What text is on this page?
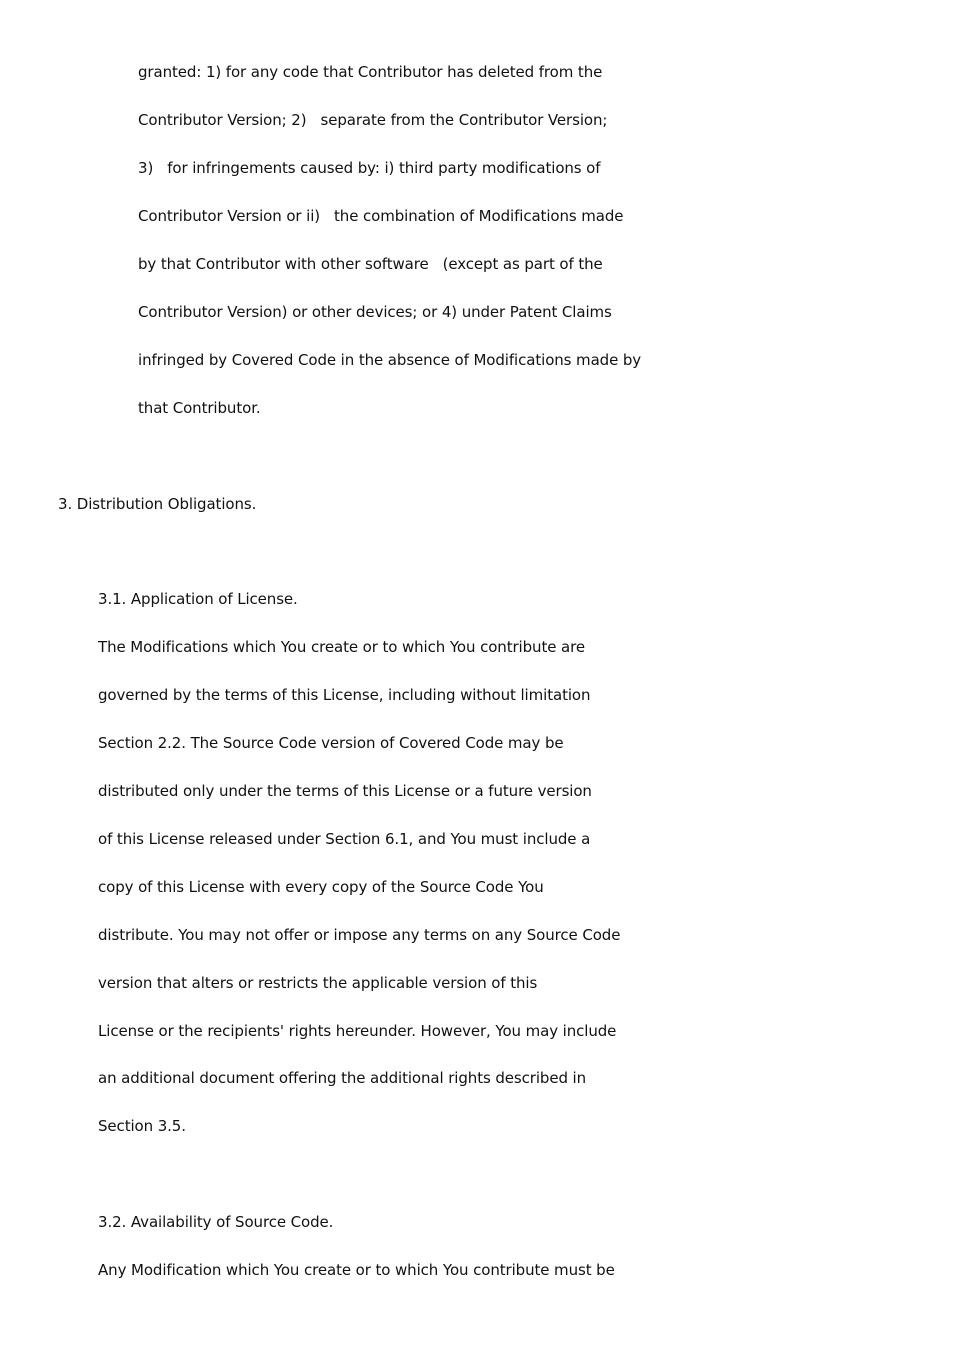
granted: 1) for any code that Contributor has deleted from the
Contributor Version; 2)   separate from the Contributor Version;
3)   for infringements caused by: i) third party modifications of
Contributor Version or ii)   the combination of Modifications made
by that Contributor with other software   (except as part of the
Contributor Version) or other devices; or 4) under Patent Claims
infringed by Covered Code in the absence of Modifications made by
that Contributor.
3. Distribution Obligations.
3.1. Application of License.
The Modifications which You create or to which You contribute are
governed by the terms of this License, including without limitation
Section 2.2. The Source Code version of Covered Code may be
distributed only under the terms of this License or a future version
of this License released under Section 6.1, and You must include a
copy of this License with every copy of the Source Code You
distribute. You may not offer or impose any terms on any Source Code
version that alters or restricts the applicable version of this
License or the recipients' rights hereunder. However, You may include
an additional document offering the additional rights described in
Section 3.5.
3.2. Availability of Source Code.
Any Modification which You create or to which You contribute must be
